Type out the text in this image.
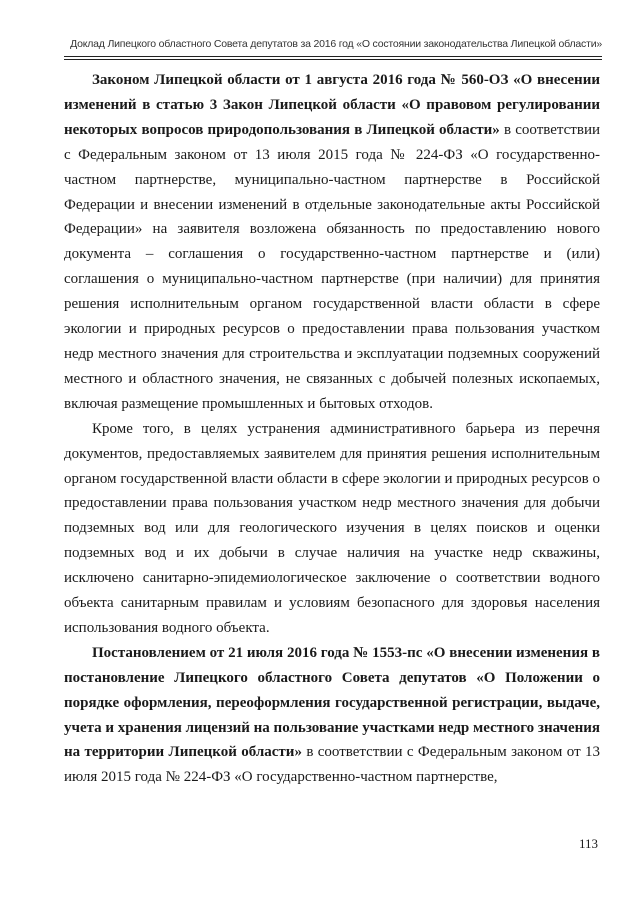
Доклад Липецкого областного Совета депутатов за 2016 год «О состоянии законодательства Липецкой области»

Законом Липецкой области от 1 августа 2016 года № 560-ОЗ «О внесении изменений в статью 3 Закон Липецкой области «О правовом регулировании некоторых вопросов природопользования в Липецкой области» в соответствии с Федеральным законом от 13 июля 2015 года № 224-ФЗ «О государственно-частном партнерстве, муниципально-частном партнерстве в Российской Федерации и внесении изменений в отдельные законодательные акты Российской Федерации» на заявителя возложена обязанность по предоставлению нового документа – соглашения о государственно-частном партнерстве и (или) соглашения о муниципально-частном партнерстве (при наличии) для принятия решения исполнительным органом государственной власти области в сфере экологии и природных ресурсов о предоставлении права пользования участком недр местного значения для строительства и эксплуатации подземных сооружений местного и областного значения, не связанных с добычей полезных ископаемых, включая размещение промышленных и бытовых отходов.

Кроме того, в целях устранения административного барьера из перечня документов, предоставляемых заявителем для принятия решения исполнительным органом государственной власти области в сфере экологии и природных ресурсов о предоставлении права пользования участком недр местного значения для добычи подземных вод или для геологического изучения в целях поисков и оценки подземных вод и их добычи в случае наличия на участке недр скважины, исключено санитарно-эпидемиологическое заключение о соответствии водного объекта санитарным правилам и условиям безопасного для здоровья населения использования водного объекта.

Постановлением от 21 июля 2016 года № 1553-пс «О внесении изменения в постановление Липецкого областного Совета депутатов «О Положении о порядке оформления, переоформления государственной регистрации, выдаче, учета и хранения лицензий на пользование участками недр местного значения на территории Липецкой области» в соответствии с Федеральным законом от 13 июля 2015 года № 224-ФЗ «О государственно-частном партнерстве,

113
